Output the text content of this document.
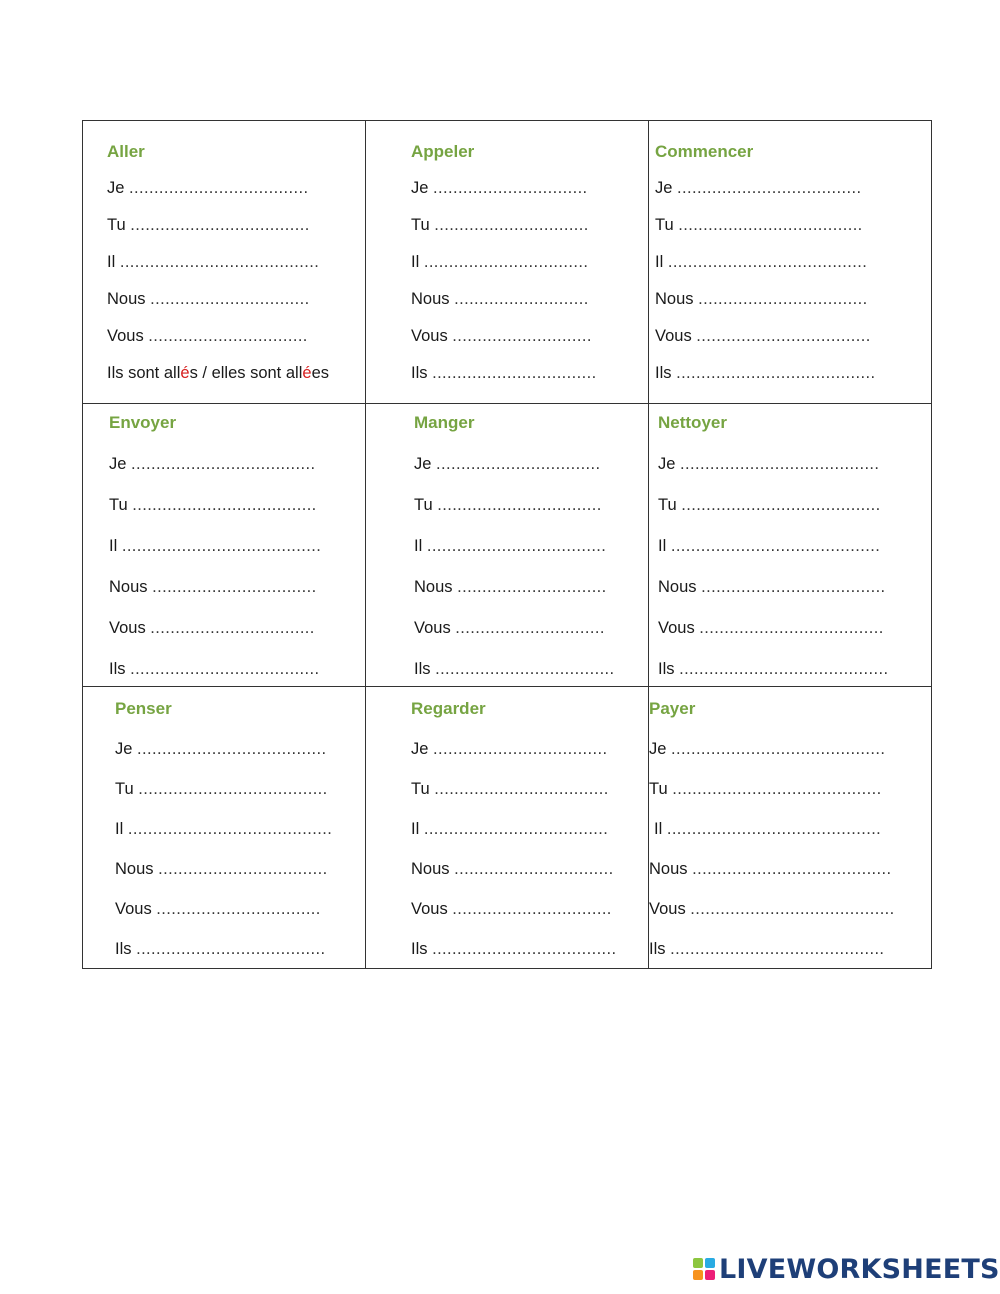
Aller
Je ....................................
Tu ....................................
Il ........................................
Nous ................................
Vous ................................
Ils sont allés / elles sont allées
Appeler
Je ...............................
Tu ...............................
Il .................................
Nous ...........................
Vous ............................
Ils .................................
Commencer
Je .....................................
Tu .....................................
Il ........................................
Nous ..................................
Vous ...................................
Ils ........................................
Envoyer
Je .....................................
Tu .....................................
Il ........................................
Nous .................................
Vous .................................
Ils ......................................
Manger
Je .................................
Tu .................................
Il ....................................
Nous ..............................
Vous ..............................
Ils ....................................
Nettoyer
Je ........................................
Tu ........................................
Il ..........................................
Nous .....................................
Vous .....................................
Ils ..........................................
Penser
Je ......................................
Tu ......................................
Il .........................................
Nous ..................................
Vous .................................
Ils ......................................
Regarder
Je ...................................
Tu ...................................
Il .....................................
Nous ................................
Vous ................................
Ils .....................................
Payer
Je ...........................................
Tu ..........................................
Il ...........................................
Nous ........................................
Vous .........................................
Ils ...........................................
LIVEWORKSHEETS
